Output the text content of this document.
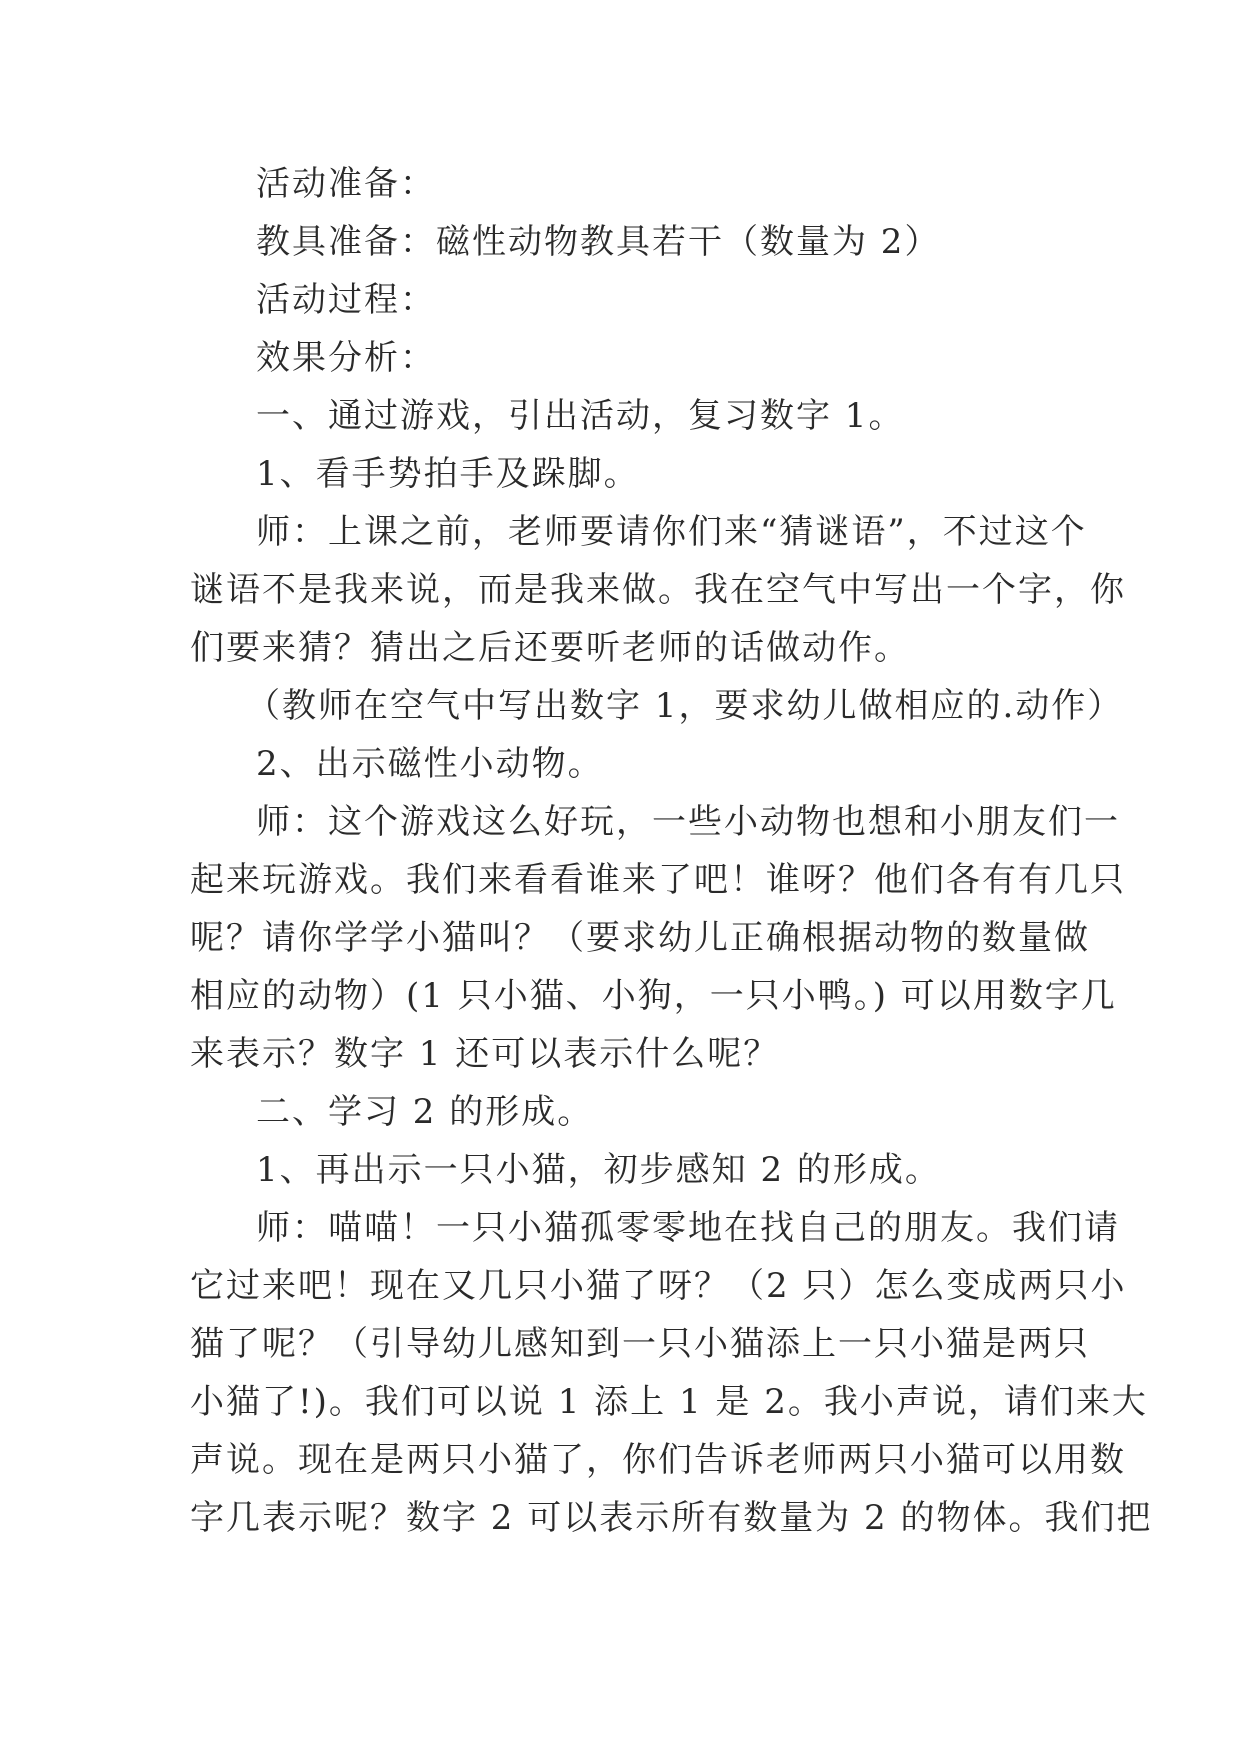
活动准备：
教具准备：磁性动物教具若干（数量为 2）
活动过程：
效果分析：
一、通过游戏，引出活动，复习数字 1。
1、看手势拍手及跺脚。
师：上课之前，老师要请你们来“猜谜语”，不过这个
谜语不是我来说，而是我来做。我在空气中写出一个字，你
们要来猜？猜出之后还要听老师的话做动作。
（教师在空气中写出数字 1，要求幼儿做相应的.动作）
2、出示磁性小动物。
师：这个游戏这么好玩，一些小动物也想和小朋友们一
起来玩游戏。我们来看看谁来了吧！谁呀？他们各有有几只
呢？请你学学小猫叫？（要求幼儿正确根据动物的数量做
相应的动物）(1 只小猫、小狗，一只小鸭。) 可以用数字几
来表示？数字 1 还可以表示什么呢？
二、学习 2 的形成。
1、再出示一只小猫，初步感知 2 的形成。
师：喵喵！一只小猫孤零零地在找自己的朋友。我们请
它过来吧！现在又几只小猫了呀？（2 只）怎么变成两只小
猫了呢？（引导幼儿感知到一只小猫添上一只小猫是两只
小猫了!)。我们可以说 1 添上 1 是 2。我小声说，请们来大
声说。现在是两只小猫了，你们告诉老师两只小猫可以用数
字几表示呢？数字 2 可以表示所有数量为 2 的物体。我们把
